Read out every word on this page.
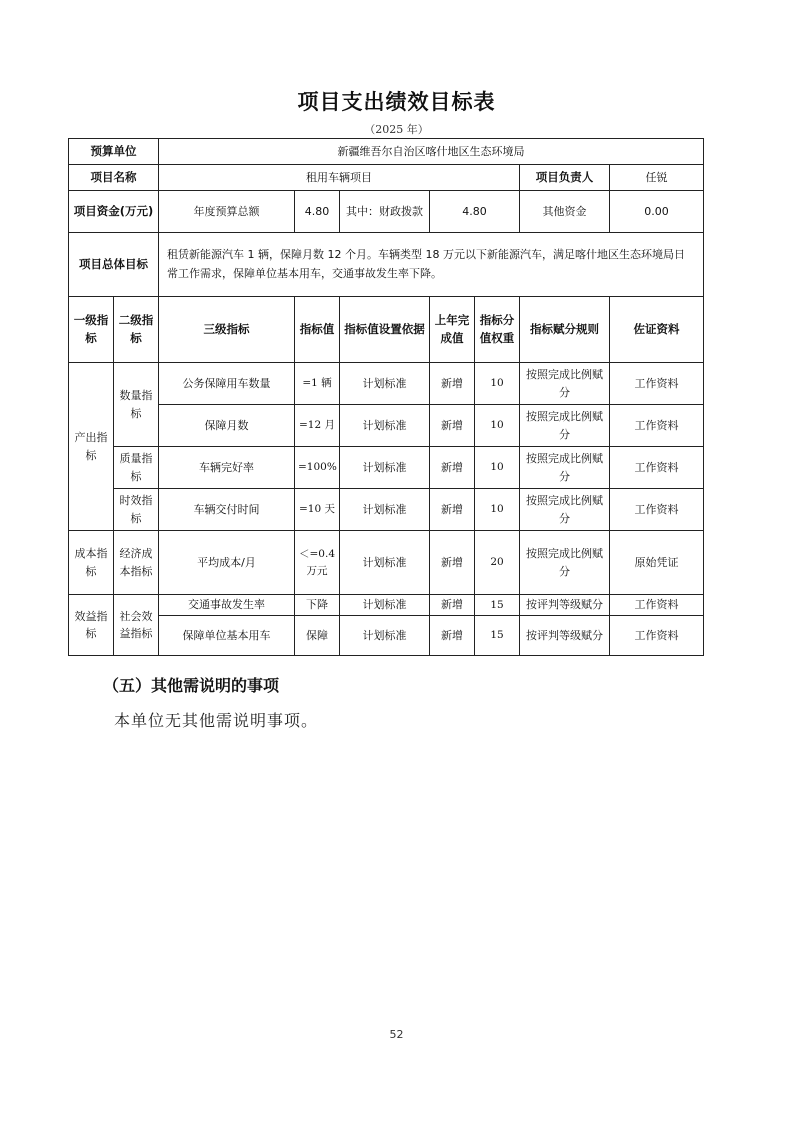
项目支出绩效目标表
（2025 年）
预算单位		新疆维吾尔自治区喀什地区生态环境局						
项目名称		租用车辆项目					项目负责人	任锐
项目资金(万元)		年度预算总额	4.80	其中：财政拨款	4.80		其他资金	0.00
项目总体目标		租赁新能源汽车 1 辆，保障月数 12 个月。车辆类型 18 万元以下新能源汽车，满足喀什地区生态环境局日常工作需求，保障单位基本用车，交通事故发生率下降。						
一级指标	二级指标	三级指标	指标值	指标值设置依据	上年完成值	指标分值权重	指标赋分规则	佐证资料
产出指标	数量指标	公务保障用车数量	=1 辆	计划标准	新增	10	按照完成比例赋分	工作资料
		保障月数	=12 月	计划标准	新增	10	按照完成比例赋分	工作资料
	质量指标	车辆完好率	=100%	计划标准	新增	10	按照完成比例赋分	工作资料
	时效指标	车辆交付时间	=10 天	计划标准	新增	10	按照完成比例赋分	工作资料
成本指标	经济成本指标	平均成本/月	＜=0.4 万元	计划标准	新增	20	按照完成比例赋分	原始凭证
效益指标	社会效益指标	交通事故发生率	下降	计划标准	新增	15	按评判等级赋分	工作资料
		保障单位基本用车	保障	计划标准	新增	15	按评判等级赋分	工作资料
（五）其他需说明的事项
本单位无其他需说明事项。
52
